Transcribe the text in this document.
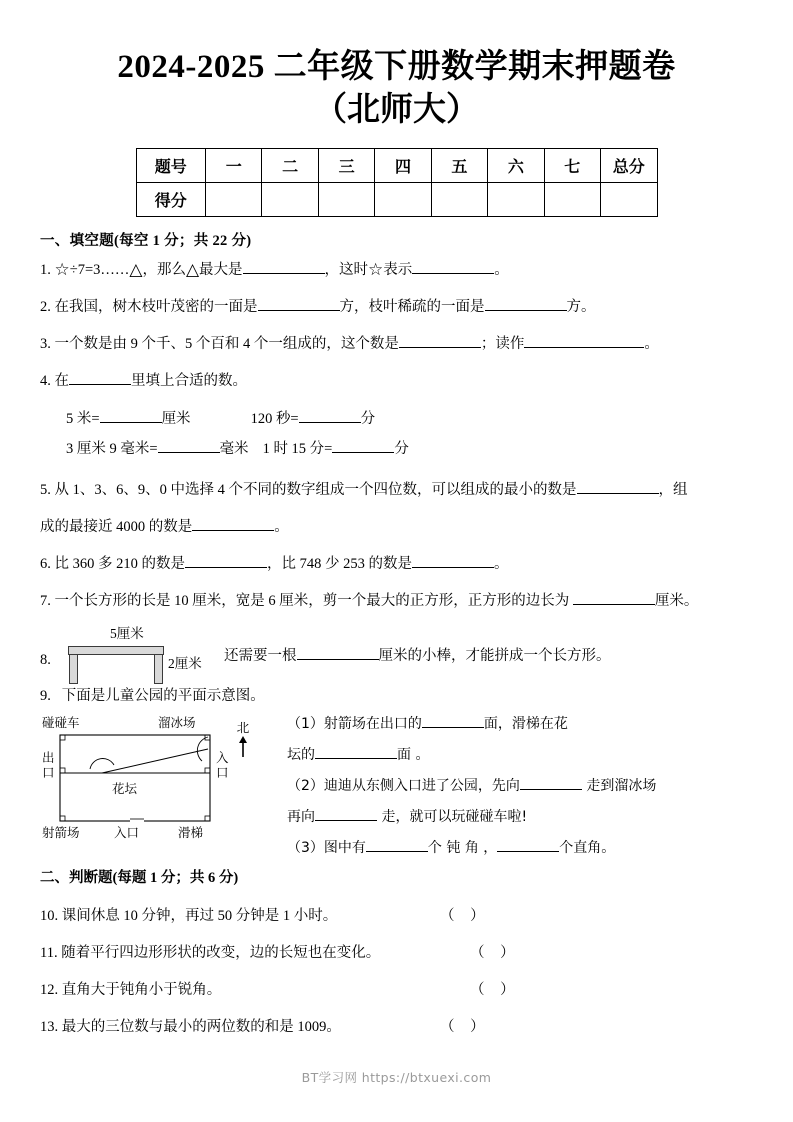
2024-2025 二年级下册数学期末押题卷
（北师大）
题号	一	二	三	四	五	六	七	总分
得分								
一、填空题(每空 1 分；共 22 分)
1. ☆÷7=3……△，那么△最大是	，这时☆表示	。
2. 在我国，树木枝叶茂密的一面是	方，枝叶稀疏的一面是	方。
3. 一个数是由 9 个千、5 个百和 4 个一组成的，这个数是	；读作	。
4. 在	里填上合适的数。
5 米=	厘米	120 秒=	分
3 厘米 9 毫米=	毫米 1 时 15 分=	分
5. 从 1、3、6、9、0 中选择 4 个不同的数字组成一个四位数，可以组成的最小的数是	，组
成的最接近 4000 的数是	。
6. 比 360 多 210 的数是	，比 748 少 253 的数是	。
7. 一个长方形的长是 10 厘米，宽是 6 厘米，剪一个最大的正方形，正方形的边长为	厘米。
8.
5厘米
2厘米 还需要一根	厘米的小棒，才能拼成一个长方形。
9. 下面是儿童公园的平面示意图。
碰碰车	溜冰场
出口
入口
花坛
射箭场	入口	滑梯
北	（1）射箭场在出口的	面，滑梯在花
坛的	面 。
（2）迪迪从东侧入口进了公园，先向	走到溜冰场
再向	走，就可以玩碰碰车啦!
（3）图中有	个 钝 角 ，	个直角。
二、判断题(每题 1 分；共 6 分)
10. 课间休息 10 分钟，再过 50 分钟是 1 小时。	（ ）
11. 随着平行四边形形状的改变，边的长短也在变化。	（ ）
12. 直角大于钝角小于锐角。	（ ）
13. 最大的三位数与最小的两位数的和是 1009。	（ ）
BT学习网 https://btxuexi.com
